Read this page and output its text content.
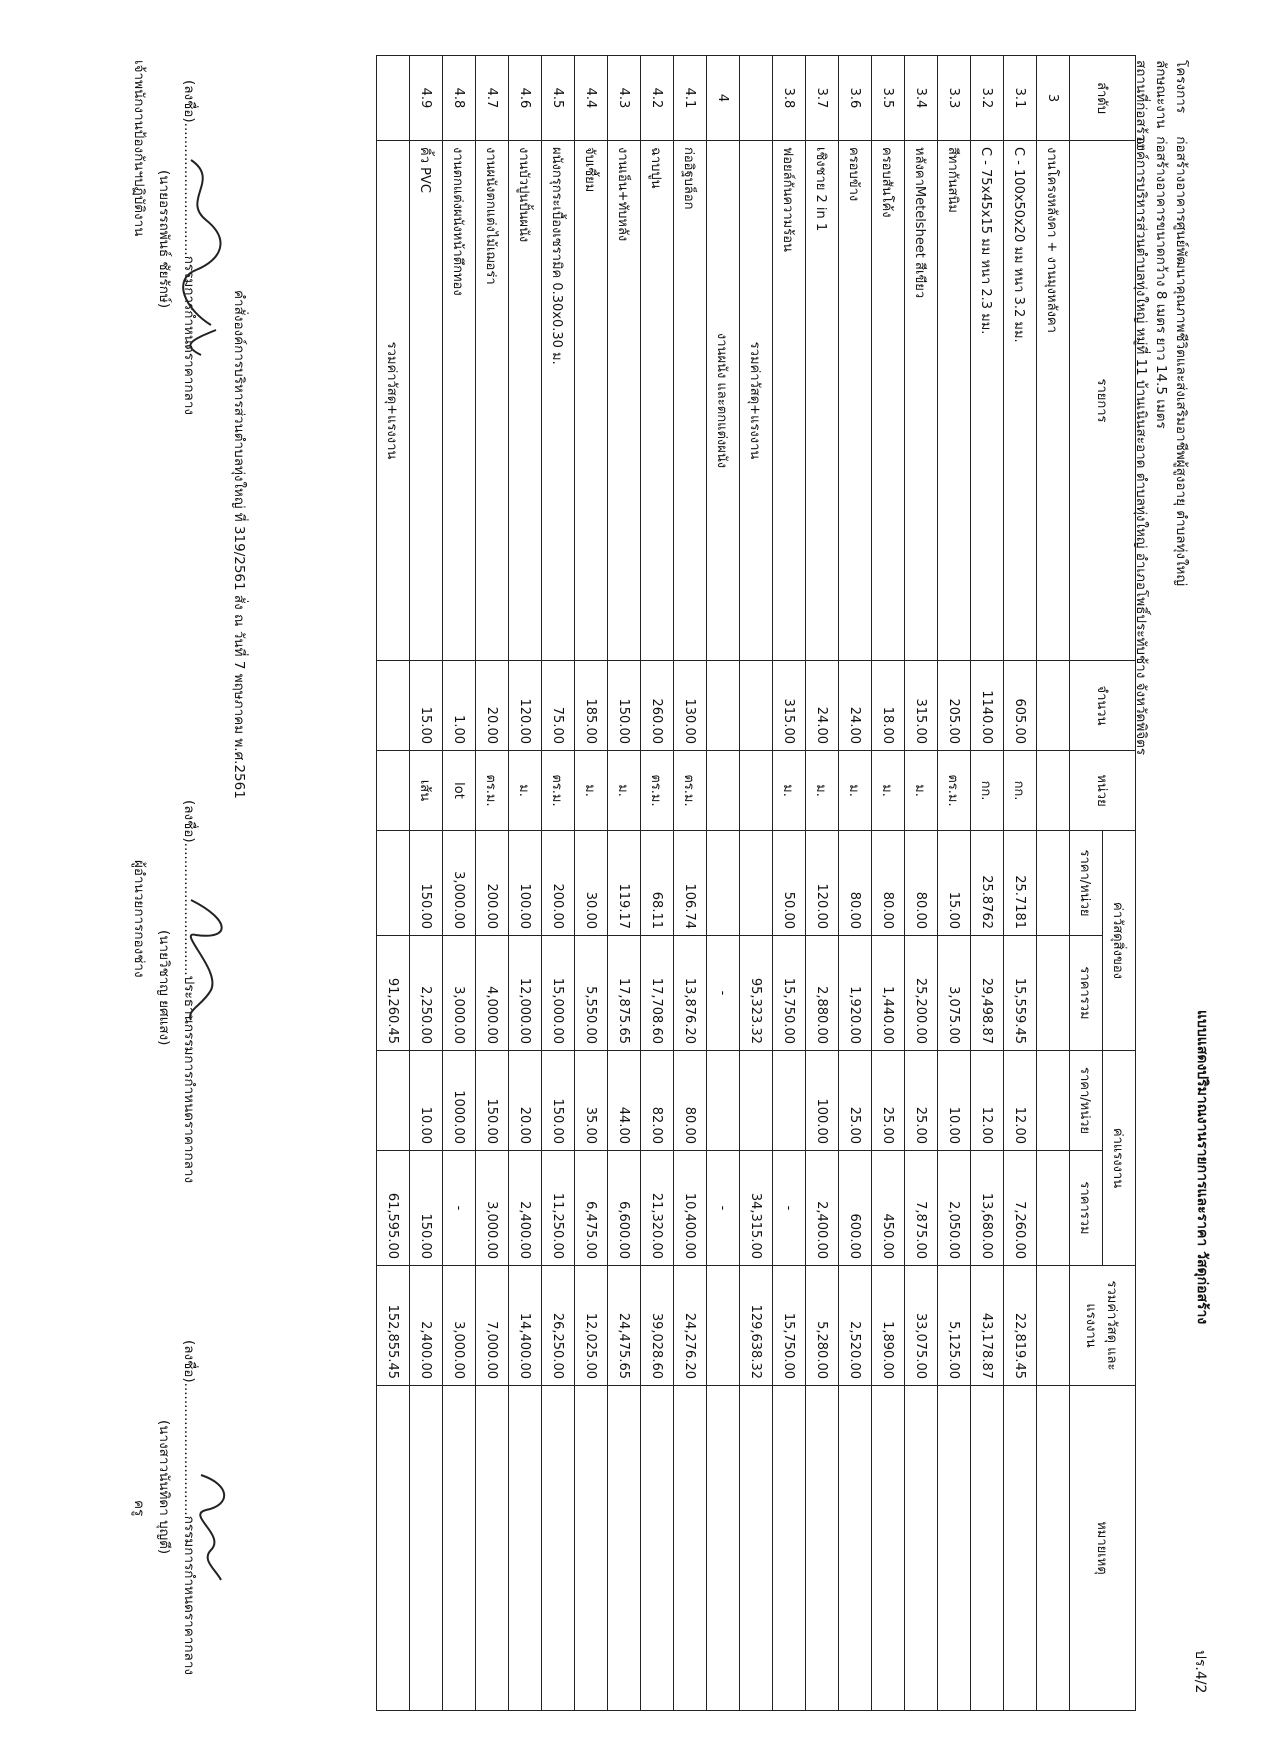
แบบแสดงปริมาณงานรายการและราคา วัสดุก่อสร้าง
ปร.4/2
โครงการ ก่อสร้างอาคารศูนย์พัฒนาคุณภาพชีวิตและส่งเสริมอาชีพผู้สูงอายุ ตำบลทุ่งใหญ่
ลักษณะงาน ก่อสร้างอาคารขนาดกว้าง 8 เมตร ยาว 14.5 เมตร
สถานที่ก่อสร้าง องค์การบริหารส่วนตำบลทุ่งใหญ่ หมู่ที่ 11 บ้านเนินสะอาด ตำบลทุ่งใหญ่ อำเภอโพธิ์ประทับช้าง จังหวัดพิจิตร
ลำดับ	รายการ	จำนวน	หน่วย	ค่าวัสดุสิ่งของ		ค่าแรงงาน		รวมค่าวัสดุ และแรงงาน	หมายเหตุ
				ราคา/หน่วย	ราคารวม	ราคา/หน่วย	ราคารวม		
3	งานโครงหลังคา + งานมุงหลังคา								
3.1	C - 100x50x20 มม หนา 3.2 มม.	605.00	กก.	25.7181	15,559.45	12.00	7,260.00	22,819.45	
3.2	C - 75x45x15 มม หนา 2.3 มม.	1140.00	กก.	25.8762	29,498.87	12.00	13,680.00	43,178.87	
3.3	สีทากันสนิม	205.00	ตร.ม.	15.00	3,075.00	10.00	2,050.00	5,125.00	
3.4	หลังคาMetelsheet สีเขียว	315.00	ม.	80.00	25,200.00	25.00	7,875.00	33,075.00	
3.5	ครอบสันโค้ง	18.00	ม.	80.00	1,440.00	25.00	450.00	1,890.00	
3.6	ครอบข้าง	24.00	ม.	80.00	1,920.00	25.00	600.00	2,520.00	
3.7	เชิงชาย 2 in 1	24.00	ม.	120.00	2,880.00	100.00	2,400.00	5,280.00	
3.8	ฟอยล์กันความร้อน	315.00	ม.	50.00	15,750.00		-	15,750.00	
	รวมค่าวัสดุ+แรงงาน				95,323.32		34,315.00	129,638.32	
4	งานผนัง และตกแต่งผนัง				-		-		
4.1	ก่ออิฐบล็อก	130.00	ตร.ม.	106.74	13,876.20	80.00	10,400.00	24,276.20	
4.2	ฉาบปูน	260.00	ตร.ม.	68.11	17,708.60	82.00	21,320.00	39,028.60	
4.3	งานเอ็น+ทับหลัง	150.00	ม.	119.17	17,875.65	44.00	6,600.00	24,475.65	
4.4	จับเซี้ยม	185.00	ม.	30.00	5,550.00	35.00	6,475.00	12,025.00	
4.5	ผนังกรุกระเบื้องเซรามิค 0.30x0.30 ม.	75.00	ตร.ม.	200.00	15,000.00	150.00	11,250.00	26,250.00	
4.6	งานบัวปูนปั้นผนัง	120.00	ม.	100.00	12,000.00	20.00	2,400.00	14,400.00	
4.7	งานผนังตกแต่งไม้เฌอร่า	20.00	ตร.ม.	200.00	4,000.00	150.00	3,000.00	7,000.00	
4.8	งานตกแต่งผนังหน้าตึกทอง	1.00	lot	3,000.00	3,000.00	1000.00	-	3,000.00	
4.9	คิ้ว PVC	15.00	เส้น	150.00	2,250.00	10.00	150.00	2,400.00	
	รวมค่าวัสดุ+แรงงาน				91,260.45		61,595.00	152,855.45	
คำสั่งองค์การบริหารส่วนตำบลทุ่งใหญ่ ที่ 319/2561 สั่ง ณ วันที่ 7 พฤษภาคม พ.ศ.2561
(ลงชื่อ)...............................กรรมการกำหนดราคากลาง
(นายอรรถพันธ์ ชัยรักษ์)
เจ้าพนักงานป้องกันฯปฏิบัติงาน
(ลงชื่อ)...............................ประธานกรรมการกำหนดราคากลาง
(นายวิชาญ ยศแสง)
ผู้อำนวยการกองช่าง
(ลงชื่อ)...............................กรรมการกำหนดราคากลาง
(นางสาวนันทิดา บุญตี)
ครู
